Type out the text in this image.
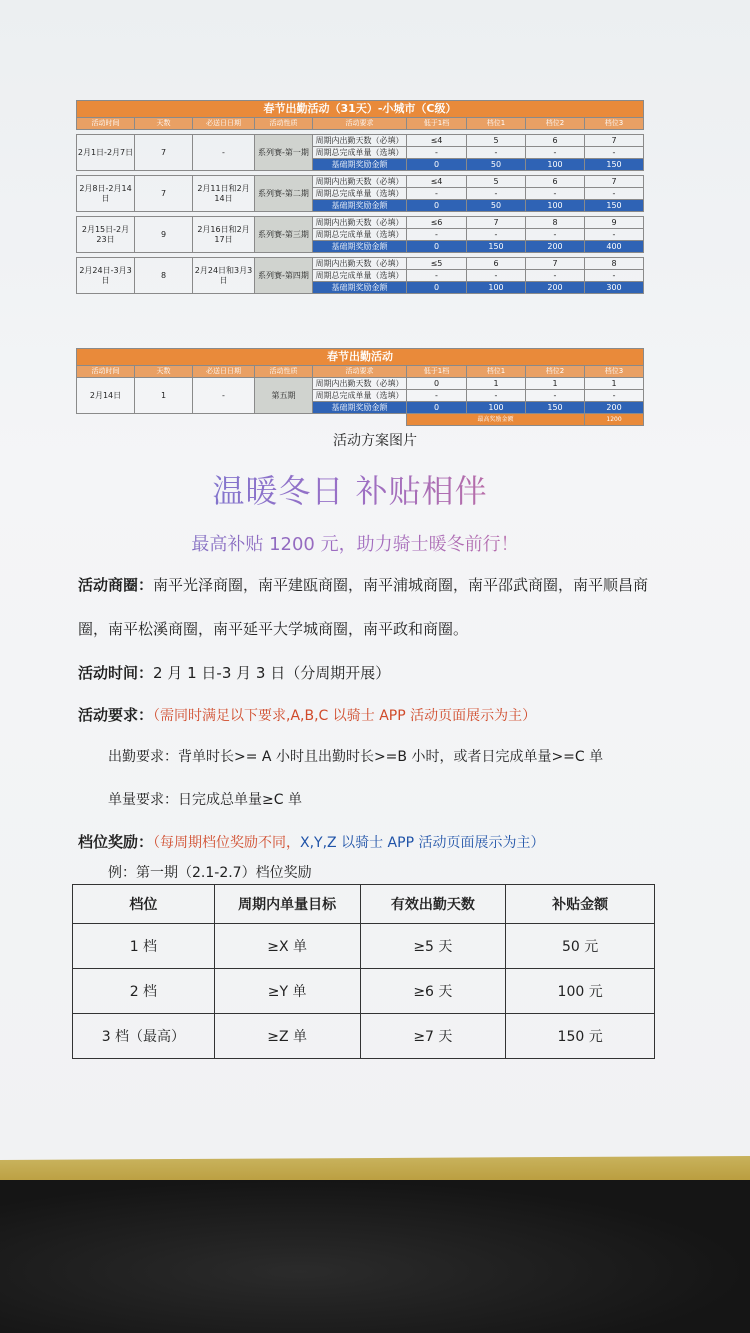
春节出勤活动（31天）-小城市（C级）
活动时间	天数	必送日日期	活动性质	活动要求	低于1档	档位1	档位2	档位3
2月1日-2月7日	7	-	系列赛-第一期	周期内出勤天数（必填）	≤4	5	6	7
				周期总完成单量（选填）	-	-	-	-
				基础期奖励金额	0	50	100	150
2月8日-2月14日	7	2月11日和2月14日	系列赛-第二期	周期内出勤天数（必填）	≤4	5	6	7
				周期总完成单量（选填）	-	-	-	-
				基础期奖励金额	0	50	100	150
2月15日-2月23日	9	2月16日和2月17日	系列赛-第三期	周期内出勤天数（必填）	≤6	7	8	9
				周期总完成单量（选填）	-	-	-	-
				基础期奖励金额	0	150	200	400
2月24日-3月3日	8	2月24日和3月3日	系列赛-第四期	周期内出勤天数（必填）	≤5	6	7	8
				周期总完成单量（选填）	-	-	-	-
				基础期奖励金额	0	100	200	300
春节出勤活动								
活动时间	天数	必送日日期	活动性质	活动要求	低于1档	档位1	档位2	档位3
2月14日	1	-	第五期	周期内出勤天数（必填）	0	1	1	1
				周期总完成单量（选填）	-	-	-	-
				基础期奖励金额	0	100	150	200
					最高奖励金额			1200
活动方案图片
温暖冬日 补贴相伴
最高补贴 1200 元，助力骑士暖冬前行！
活动商圈：南平光泽商圈，南平建瓯商圈，南平浦城商圈，南平邵武商圈，南平顺昌商
圈，南平松溪商圈，南平延平大学城商圈，南平政和商圈。
活动时间：2 月 1 日-3 月 3 日（分周期开展）
活动要求：（需同时满足以下要求,A,B,C 以骑士 APP 活动页面展示为主）
出勤要求：背单时长>= A 小时且出勤时长>=B 小时，或者日完成单量>=C 单
单量要求：日完成总单量≥C 单
档位奖励：（每周期档位奖励不同，X,Y,Z 以骑士 APP 活动页面展示为主）
例：第一期（2.1-2.7）档位奖励
档位	周期内单量目标	有效出勤天数	补贴金额
1 档	≥X 单	≥5 天	50 元
2 档	≥Y 单	≥6 天	100 元
3 档（最高）	≥Z 单	≥7 天	150 元
